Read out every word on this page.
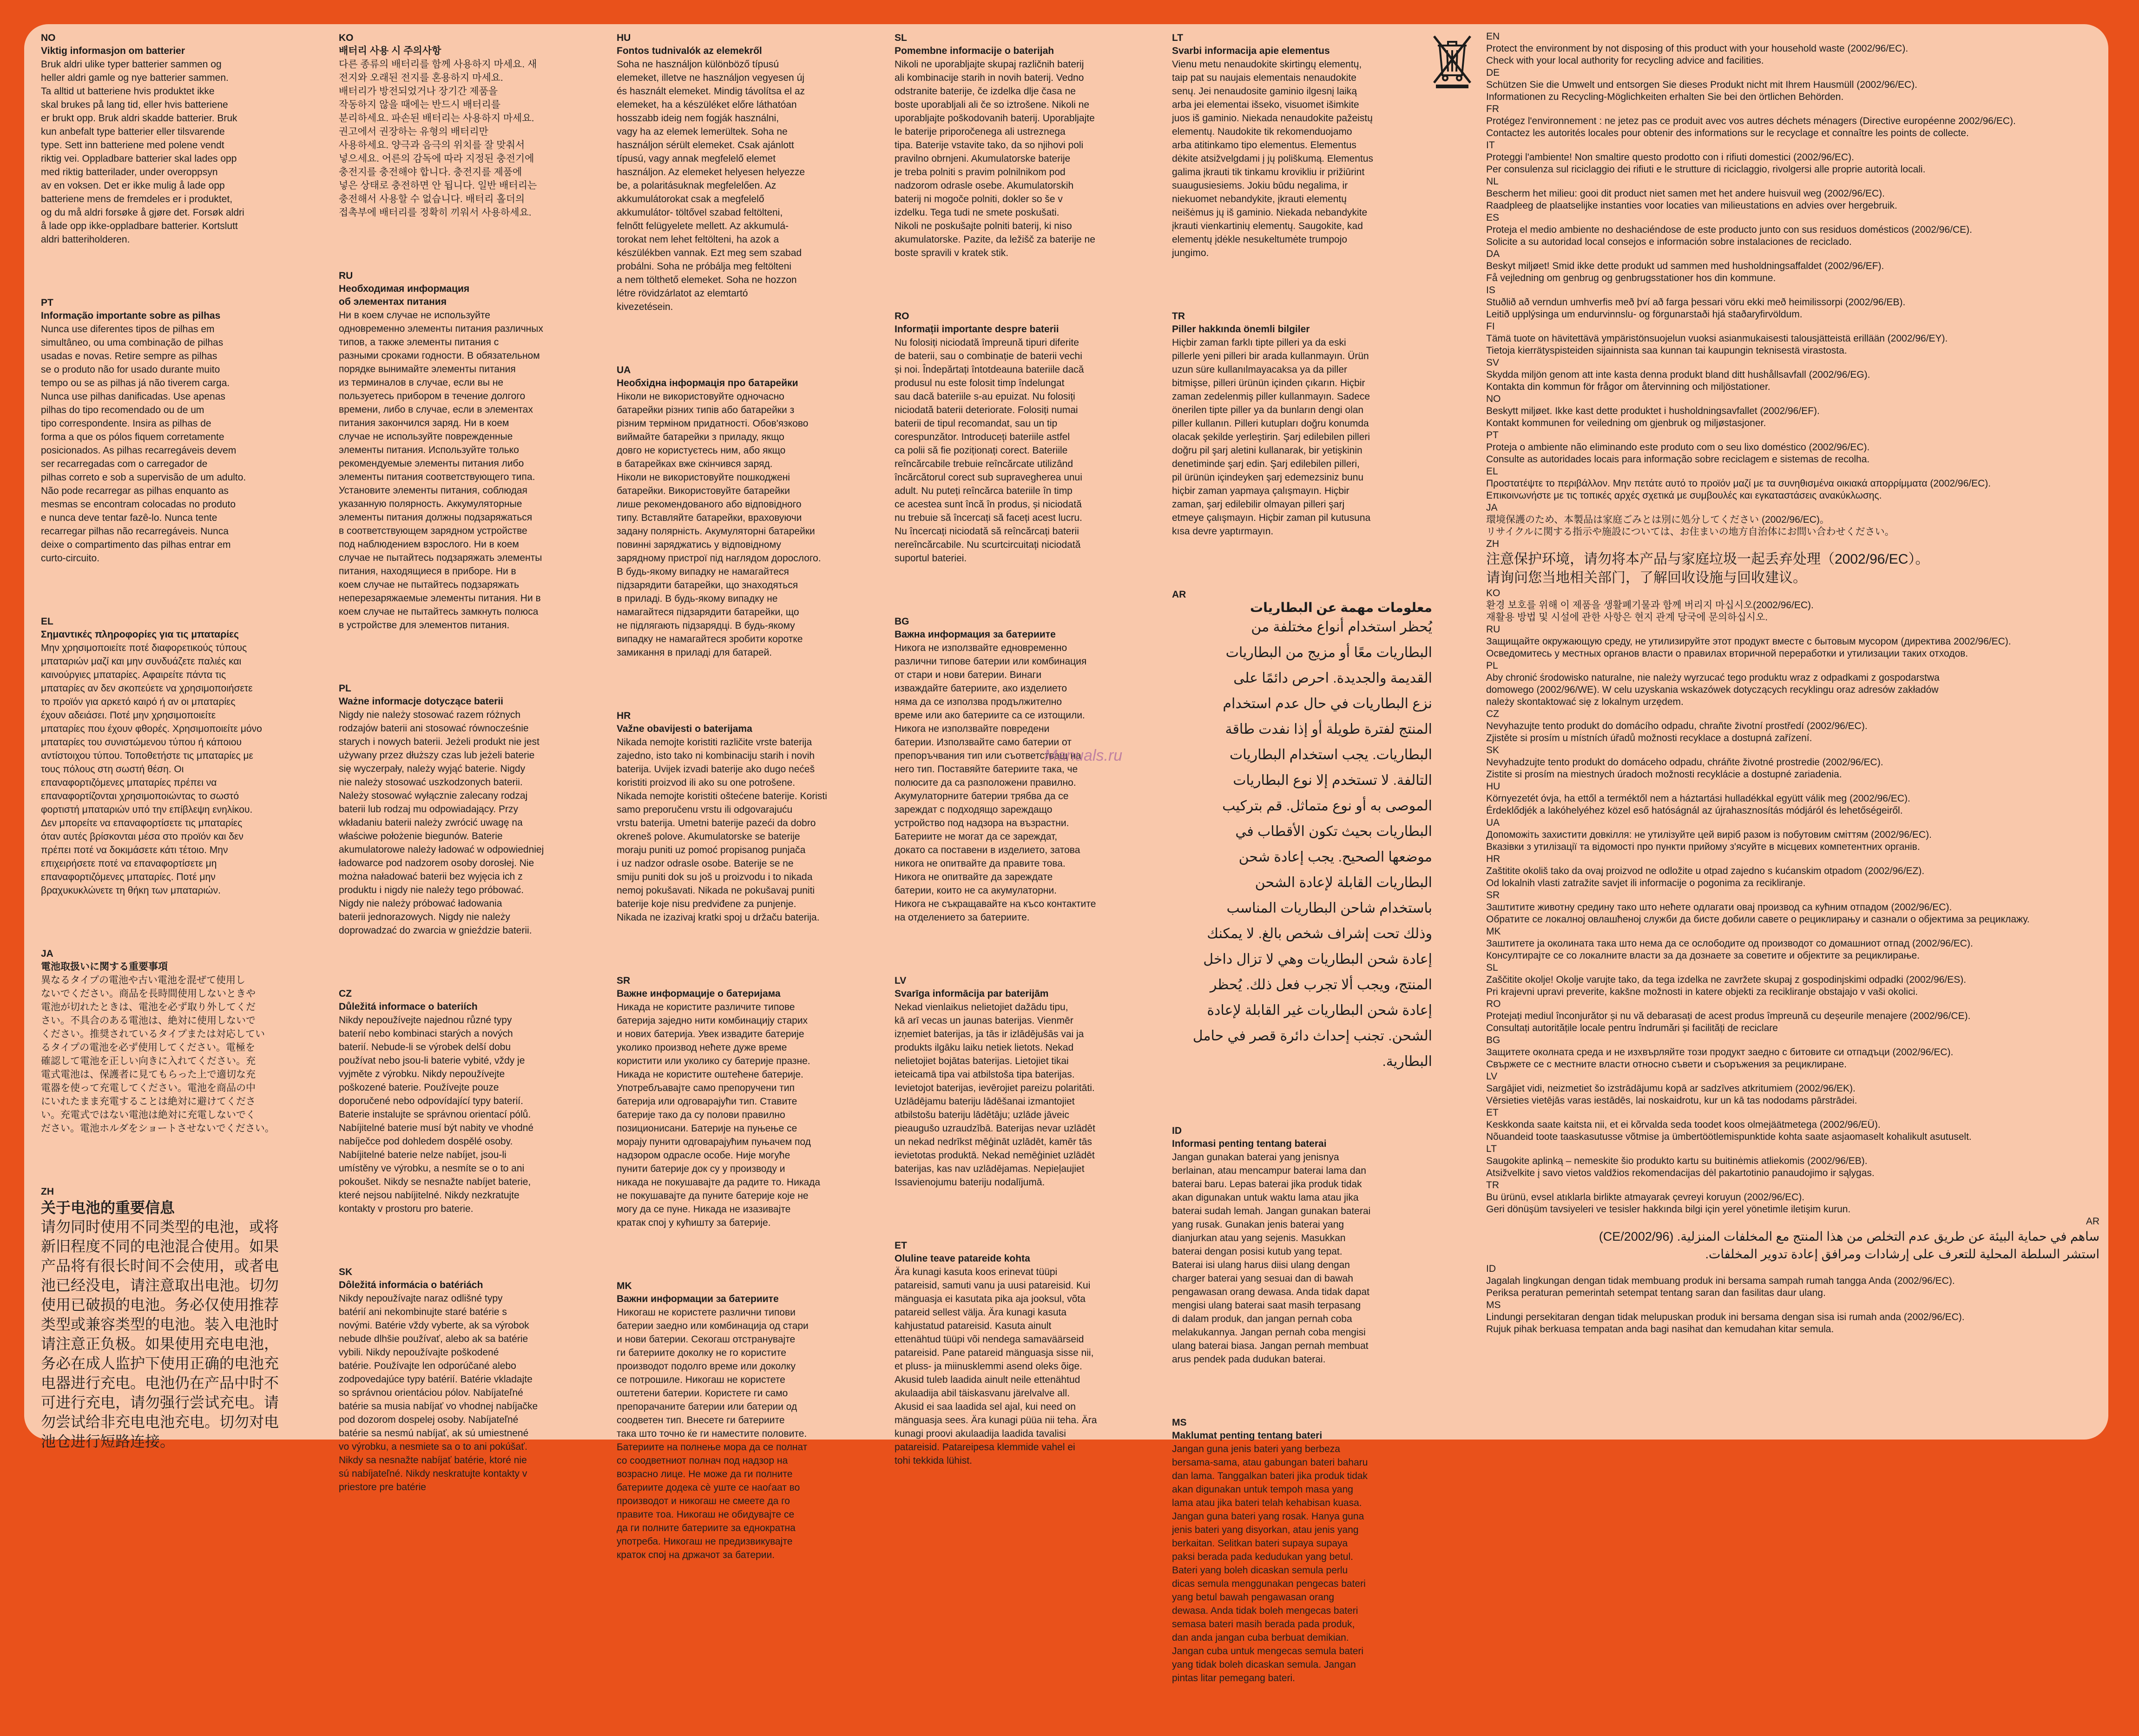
NO
Viktig informasjon om batterier
Bruk aldri ulike typer batterier sammen og
heller aldri gamle og nye batterier sammen.
Ta alltid ut batteriene hvis produktet ikke
skal brukes på lang tid, eller hvis batteriene
er brukt opp. Bruk aldri skadde batterier. Bruk
kun anbefalt type batterier eller tilsvarende
type. Sett inn batteriene med polene vendt
riktig vei. Oppladbare batterier skal lades opp
med riktig batterilader, under overoppsyn
av en voksen. Det er ikke mulig å lade opp
batteriene mens de fremdeles er i produktet,
og du må aldri forsøke å gjøre det. Forsøk aldri
å lade opp ikke-oppladbare batterier. Kortslutt
aldri batteriholderen.
PT
Informação importante sobre as pilhas
Nunca use diferentes tipos de pilhas em
simultâneo, ou uma combinação de pilhas
usadas e novas. Retire sempre as pilhas
se o produto não for usado durante muito
tempo ou se as pilhas já não tiverem carga.
Nunca use pilhas danificadas. Use apenas
pilhas do tipo recomendado ou de um
tipo correspondente. Insira as pilhas de
forma a que os pólos fiquem corretamente
posicionados. As pilhas recarregáveis devem
ser recarregadas com o carregador de
pilhas correto e sob a supervisão de um adulto.
Não pode recarregar as pilhas enquanto as
mesmas se encontram colocadas no produto
e nunca deve tentar fazê-lo. Nunca tente
recarregar pilhas não recarregáveis. Nunca
deixe o compartimento das pilhas entrar em
curto-circuito.
EL
Σημαντικές πληροφορίες για τις μπαταρίες
Μην χρησιμοποιείτε ποτέ διαφορετικούς τύπους
μπαταριών μαζί και μην συνδυάζετε παλιές και
καινούργιες μπαταρίες. Αφαιρείτε πάντα τις
μπαταρίες αν δεν σκοπεύετε να χρησιμοποιήσετε
το προϊόν για αρκετό καιρό ή αν οι μπαταρίες
έχουν αδειάσει. Ποτέ μην χρησιμοποιείτε
μπαταρίες που έχουν φθορές. Χρησιμοποιείτε μόνο
μπαταρίες του συνιστώμενου τύπου ή κάποιου
αντίστοιχου τύπου. Τοποθετήστε τις μπαταρίες με
τους πόλους στη σωστή θέση. Οι
επαναφορτιζόμενες μπαταρίες πρέπει να
επαναφορτίζονται χρησιμοποιώντας το σωστό
φορτιστή μπαταριών υπό την επίβλεψη ενηλίκου.
Δεν μπορείτε να επαναφορτίσετε τις μπαταρίες
όταν αυτές βρίσκονται μέσα στο προϊόν και δεν
πρέπει ποτέ να δοκιμάσετε κάτι τέτοιο. Μην
επιχειρήσετε ποτέ να επαναφορτίσετε μη
επαναφορτιζόμενες μπαταρίες. Ποτέ μην
βραχυκυκλώνετε τη θήκη των μπαταριών.
JA
電池取扱いに関する重要事項
異なるタイプの電池や古い電池を混ぜて使用し
ないでください。商品を長時間使用しないときや
電池が切れたときは、電池を必ず取り外してくだ
さい。不具合のある電池は、絶対に使用しないで
ください。推奨されているタイプまたは対応してい
るタイプの電池を必ず使用してください。電極を
確認して電池を正しい向きに入れてください。充
電式電池は、保護者に見てもらった上で適切な充
電器を使って充電してください。電池を商品の中
にいれたまま充電することは絶対に避けてくださ
い。充電式ではない電池は絶対に充電しないでく
ださい。電池ホルダをショートさせないでください。
ZH
关于电池的重要信息
请勿同时使用不同类型的电池，或将
新旧程度不同的电池混合使用。如果
产品将有很长时间不会使用，或者电
池已经没电，请注意取出电池。切勿
使用已破损的电池。务必仅使用推荐
类型或兼容类型的电池。装入电池时
请注意正负极。如果使用充电电池，
务必在成人监护下使用正确的电池充
电器进行充电。电池仍在产品中时不
可进行充电，请勿强行尝试充电。请
勿尝试给非充电电池充电。切勿对电
池仓进行短路连接。
KO
배터리 사용 시 주의사항
다른 종류의 배터리를 함께 사용하지 마세요. 새
전지와 오래된 전지를 혼용하지 마세요.
배터리가 방전되었거나 장기간 제품을
작동하지 않을 때에는 반드시 배터리를
분리하세요. 파손된 배터리는 사용하지 마세요.
권고에서 권장하는 유형의 배터리만
사용하세요. 양극과 음극의 위치를 잘 맞춰서
넣으세요. 어른의 감독에 따라 지정된 충전기에
충전지를 충전해야 합니다. 충전지를 제품에
넣은 상태로 충전하면 안 됩니다. 일반 배터리는
충전해서 사용할 수 없습니다. 배터리 홀더의
접촉부에 배터리를 정확히 끼워서 사용하세요.
RU
Необходимая информация
об элементах питания
Ни в коем случае не используйте
одновременно элементы питания различных
типов, а также элементы питания с
разными сроками годности. В обязательном
порядке вынимайте элементы питания
из терминалов в случае, если вы не
пользуетесь прибором в течение долгого
времени, либо в случае, если в элементах
питания закончился заряд. Ни в коем
случае не используйте поврежденные
элементы питания. Используйте только
рекомендуемые элементы питания либо
элементы питания соответствующего типа.
Установите элементы питания, соблюдая
указанную полярность. Аккумуляторные
элементы питания должны подзаряжаться
в соответствующем зарядном устройстве
под наблюдением взрослого. Ни в коем
случае не пытайтесь подзаряжать элементы
питания, находящиеся в приборе. Ни в
коем случае не пытайтесь подзаряжать
неперезаряжаемые элементы питания. Ни в
коем случае не пытайтесь замкнуть полюса
в устройстве для элементов питания.
PL
Ważne informacje dotyczące baterii
Nigdy nie należy stosować razem różnych
rodzajów baterii ani stosować równocześnie
starych i nowych baterii. Jeżeli produkt nie jest
używany przez dłuższy czas lub jeżeli baterie
się wyczerpały, należy wyjąć baterie. Nigdy
nie należy stosować uszkodzonych baterii.
Należy stosować wyłącznie zalecany rodzaj
baterii lub rodzaj mu odpowiadający. Przy
wkładaniu baterii należy zwrócić uwagę na
właściwe położenie biegunów. Baterie
akumulatorowe należy ładować w odpowiedniej
ładowarce pod nadzorem osoby dorosłej. Nie
można naładować baterii bez wyjęcia ich z
produktu i nigdy nie należy tego próbować.
Nigdy nie należy próbować ładowania
baterii jednorazowych. Nigdy nie należy
doprowadzać do zwarcia w gnieździe baterii.
CZ
Důležitá informace o bateriích
Nikdy nepoužívejte najednou různé typy
baterií nebo kombinaci starých a nových
baterií. Nebude-li se výrobek delší dobu
používat nebo jsou-li baterie vybité, vždy je
vyjměte z výrobku. Nikdy nepoužívejte
poškozené baterie. Používejte pouze
doporučené nebo odpovídající typy baterií.
Baterie instalujte se správnou orientací pólů.
Nabíjitelné baterie musí být nabity ve vhodné
nabíječce pod dohledem dospělé osoby.
Nabíjitelné baterie nelze nabíjet, jsou-li
umístěny ve výrobku, a nesmíte se o to ani
pokoušet. Nikdy se nesnažte nabíjet baterie,
které nejsou nabíjitelné. Nikdy nezkratujte
kontakty v prostoru pro baterie.
SK
Dôležitá informácia o batériách
Nikdy nepoužívajte naraz odlišné typy
batérií ani nekombinujte staré batérie s
novými. Batérie vždy vyberte, ak sa výrobok
nebude dlhšie používať, alebo ak sa batérie
vybili. Nikdy nepoužívajte poškodené
batérie. Používajte len odporúčané alebo
zodpovedajúce typy batérií. Batérie vkladajte
so správnou orientáciou pólov. Nabíjateľné
batérie sa musia nabíjať vo vhodnej nabíjačke
pod dozorom dospelej osoby. Nabíjateľné
batérie sa nesmú nabíjať, ak sú umiestnené
vo výrobku, a nesmiete sa o to ani pokúšať.
Nikdy sa nesnažte nabíjať batérie, ktoré nie
sú nabíjateľné. Nikdy neskratujte kontakty v
priestore pre batérie
HU
Fontos tudnivalók az elemekről
Soha ne használjon különböző típusú
elemeket, illetve ne használjon vegyesen új
és használt elemeket. Mindig távolítsa el az
elemeket, ha a készüléket előre láthatóan
hosszabb ideig nem fogják használni,
vagy ha az elemek lemerültek. Soha ne
használjon sérült elemeket. Csak ajánlott
típusú, vagy annak megfelelő elemet
használjon. Az elemeket helyesen helyezze
be, a polaritásuknak megfelelően. Az
akkumulátorokat csak a megfelelő
akkumulátor- töltővel szabad feltölteni,
felnőtt felügyelete mellett. Az akkumulá-
torokat nem lehet feltölteni, ha azok a
készülékben vannak. Ezt meg sem szabad
probálni. Soha ne próbálja meg feltölteni
a nem tölthető elemeket. Soha ne hozzon
létre rövidzárlatot az elemtartó
kivezetésein.
UA
Необхідна інформація про батарейки
Ніколи не використовуйте одночасно
батарейки різних типів або батарейки з
різним терміном придатності. Обов'язково
виймайте батарейки з приладу, якщо
довго не користуєтесь ним, або якщо
в батарейках вже скінчився заряд.
Ніколи не використовуйте пошкоджені
батарейки. Використовуйте батарейки
лише рекомендованого або відповідного
типу. Вставляйте батарейки, враховуючи
задану полярність. Акумуляторні батарейки
повинні заряджатись у відповідному
зарядному пристрої під наглядом дорослого.
В будь-якому випадку не намагайтеся
підзарядити батарейки, що знаходяться
в приладі. В будь-якому випадку не
намагайтеся підзарядити батарейки, що
не підлягають підзарядці. В будь-якому
випадку не намагайтеся зробити коротке
замикання в приладі для батарей.
HR
Važne obavijesti o baterijama
Nikada nemojte koristiti različite vrste baterija
zajedno, isto tako ni kombinaciju starih i novih
baterija. Uvijek izvadi baterije ako dugo nećeš
koristiti proizvod ili ako su one potrošene.
Nikada nemojte koristiti oštećene baterije. Koristi
samo preporučenu vrstu ili odgovarajuću
vrstu baterija. Umetni baterije pazeći da dobro
okreneš polove. Akumulatorske se baterije
moraju puniti uz pomoć propisanog punjača
i uz nadzor odrasle osobe. Baterije se ne
smiju puniti dok su još u proizvodu i to nikada
nemoj pokušavati. Nikada ne pokušavaj puniti
baterije koje nisu predviđene za punjenje.
Nikada ne izazivaj kratki spoj u držaču baterija.
SR
Важне информације о батеријама
Никада не користите различите типове
батерија заједно нити комбинацију старих
и нових батерија. Увек извадите батерије
уколико производ нећете дуже време
користити или уколико су батерије празне.
Никада не користите оштећене батерије.
Употребљавајте само препоручени тип
батерија или одговарајући тип. Ставите
батерије тако да су полови правилно
позиционисани. Батерије на пуњење се
морају пунити одговарајућим пуњачем под
надзором одрасле особе. Није могуће
пунити батерије док су у производу и
никада не покушавајте да радите то. Никада
не покушавајте да пуните батерије које не
могу да се пуне. Никада не изазивајте
кратак спој у кућишту за батерије.
MK
Важни информации за батериите
Никогаш не користете различни типови
батерии заедно или комбинација од стари
и нови батерии. Секогаш отстранувајте
ги батериите доколку не го користите
производот подолго време или доколку
се потрошиле. Никогаш не користете
оштетени батерии. Користете ги само
препорачаните батерии или батерии од
соодветен тип. Внесете ги батериите
така што точно ќе ги наместите половите.
Батериите на полнење мора да се полнат
со соодветниот полнач под надзор на
возрасно лице. Не може да ги полните
батериите додека сè уште се наоѓаат во
производот и никогаш не смеете да го
правите тоа. Никогаш не обидувајте се
да ги полните батериите за еднократна
употреба. Никогаш не предизвикувајте
краток спој на држачот за батерии.
SL
Pomembne informacije o baterijah
Nikoli ne uporabljajte skupaj različnih baterij
ali kombinacije starih in novih baterij. Vedno
odstranite baterije, če izdelka dlje časa ne
boste uporabljali ali če so iztrošene. Nikoli ne
uporabljajte poškodovanih baterij. Uporabljajte
le baterije priporočenega ali ustreznega
tipa. Baterije vstavite tako, da so njihovi poli
pravilno obrnjeni. Akumulatorske baterije
je treba polniti s pravim polnilnikom pod
nadzorom odrasle osebe. Akumulatorskih
baterij ni mogoče polniti, dokler so še v
izdelku. Tega tudi ne smete poskušati.
Nikoli ne poskušajte polniti baterij, ki niso
akumulatorske. Pazite, da ležišč za baterije ne
boste spravili v kratek stik.
RO
Informații importante despre baterii
Nu folosiți niciodată împreună tipuri diferite
de baterii, sau o combinație de baterii vechi
și noi. Îndepărtați întotdeauna bateriile dacă
produsul nu este folosit timp îndelungat
sau dacă bateriile s-au epuizat. Nu folosiți
niciodată baterii deteriorate. Folosiți numai
baterii de tipul recomandat, sau un tip
corespunzător. Introduceți bateriile astfel
ca polii să fie poziționați corect. Bateriile
reîncărcabile trebuie reîncărcate utilizând
încărcătorul corect sub supravegherea unui
adult. Nu puteți reîncărca bateriile în timp
ce acestea sunt încă în produs, și niciodată
nu trebuie să încercați să faceți acest lucru.
Nu încercați niciodată să reîncărcați baterii
nereîncărcabile. Nu scurtcircuitați niciodată
suportul bateriei.
BG
Важна информация за батериите
Никога не използвайте едновременно
различни типове батерии или комбинация
от стари и нови батерии. Винаги
изваждайте батериите, ако изделието
няма да се използва продължително
време или ако батериите са се изтощили.
Никога не използвайте повредени
батерии. Използвайте само батерии от
препоръчвания тип или съответстващ на
него тип. Поставяйте батериите така, че
полюсите да са разположени правилно.
Акумулаторните батерии трябва да се
зареждат с подходящо зареждащо
устройство под надзора на възрастни.
Батериите не могат да се зареждат,
докато са поставени в изделието, затова
никога не опитвайте да правите това.
Никога не опитвайте да зареждате
батерии, които не са акумулаторни.
Никога не съкращавайте на късо контактите
на отделението за батериите.
LV
Svarīga informācija par baterijām
Nekad vienlaikus nelietojiet dažādu tipu,
kā arī vecas un jaunas baterijas. Vienmēr
izņemiet baterijas, ja tās ir izlādējušās vai ja
produkts ilgāku laiku netiek lietots. Nekad
nelietojiet bojātas baterijas. Lietojiet tikai
ieteicamā tipa vai atbilstoša tipa baterijas.
Ievietojot baterijas, ievērojiet pareizu polaritāti.
Uzlādējamu bateriju lādēšanai izmantojiet
atbilstošu bateriju lādētāju; uzlāde jāveic
pieaugušo uzraudzībā. Baterijas nevar uzlādēt
un nekad nedrīkst mēģināt uzlādēt, kamēr tās
ievietotas produktā. Nekad nemēģiniet uzlādēt
baterijas, kas nav uzlādējamas. Nepieļaujiet
Issavienojumu bateriju nodalījumā.
ET
Oluline teave patareide kohta
Ära kunagi kasuta koos erinevat tüüpi
patareisid, samuti vanu ja uusi patareisid. Kui
mänguasja ei kasutata pika aja jooksul, võta
patareid sellest välja. Ära kunagi kasuta
kahjustatud patareisid. Kasuta ainult
ettenähtud tüüpi või nendega samaväärseid
patareisid. Pane patareid mänguasja sisse nii,
et pluss- ja miinusklemmi asend oleks õige.
Akusid tuleb laadida ainult neile ettenähtud
akulaadija abil täiskasvanu järelvalve all.
Akusid ei saa laadida sel ajal, kui need on
mänguasja sees. Ära kunagi püüa nii teha. Ära
kunagi proovi akulaadija laadida tavalisi
patareisid. Patareipesa klemmide vahel ei
tohi tekkida lühist.
LT
Svarbi informacija apie elementus
Vienu metu nenaudokite skirtingų elementų,
taip pat su naujais elementais nenaudokite
senų. Jei nenaudosite gaminio ilgesnį laiką
arba jei elementai išseko, visuomet išimkite
juos iš gaminio. Niekada nenaudokite pažeistų
elementų. Naudokite tik rekomenduojamo
arba atitinkamo tipo elementus. Elementus
dėkite atsižvelgdami į jų poliškumą. Elementus
galima įkrauti tik tinkamu krovikliu ir prižiūrint
suaugusiesiems. Jokiu būdu negalima, ir
niekuomet nebandykite, įkrauti elementų
neišėmus jų iš gaminio. Niekada nebandykite
įkrauti vienkartinių elementų. Saugokite, kad
elementų įdėkle nesukeltumėte trumpojo
jungimo.
TR
Piller hakkında önemli bilgiler
Hiçbir zaman farklı tipte pilleri ya da eski
pillerle yeni pilleri bir arada kullanmayın. Ürün
uzun süre kullanılmayacaksa ya da piller
bitmişse, pilleri ürünün içinden çıkarın. Hiçbir
zaman zedelenmiş piller kullanmayın. Sadece
önerilen tipte piller ya da bunların dengi olan
piller kullanın. Pilleri kutupları doğru konumda
olacak şekilde yerleştirin. Şarj edilebilen pilleri
doğru pil şarj aletini kullanarak, bir yetişkinin
denetiminde şarj edin. Şarj edilebilen pilleri,
pil ürünün içindeyken şarj edemezsiniz bunu
hiçbir zaman yapmaya çalışmayın. Hiçbir
zaman, şarj edilebilir olmayan pilleri şarj
etmeye çalışmayın. Hiçbir zaman pil kutusuna
kısa devre yaptırmayın.
AR
معلومات مهمة عن البطاريات
يُحظر استخدام أنواع مختلفة من
البطاريات معًا أو مزيج من البطاريات
القديمة والجديدة. احرص دائمًا على
نزع البطاريات في حال عدم استخدام
المنتج لفترة طويلة أو إذا نفدت طاقة
البطاريات. يجب استخدام البطاريات
التالفة. لا تستخدم إلا نوع البطاريات
الموصى به أو نوع متماثل. قم بتركيب
البطاريات بحيث تكون الأقطاب في
موضعها الصحيح. يجب إعادة شحن
البطاريات القابلة لإعادة الشحن
باستخدام شاحن البطاريات المناسب
وذلك تحت إشراف شخص بالغ. لا يمكنك
إعادة شحن البطاريات وهي لا تزال داخل
المنتج، ويجب ألا تجرب فعل ذلك. يُحظر
إعادة شحن البطاريات غير القابلة لإعادة
الشحن. تجنب إحداث دائرة قصر في حامل
البطارية.
ID
Informasi penting tentang baterai
Jangan gunakan baterai yang jenisnya
berlainan, atau mencampur baterai lama dan
baterai baru. Lepas baterai jika produk tidak
akan digunakan untuk waktu lama atau jika
baterai sudah lemah. Jangan gunakan baterai
yang rusak. Gunakan jenis baterai yang
dianjurkan atau yang sejenis. Masukkan
baterai dengan posisi kutub yang tepat.
Baterai isi ulang harus diisi ulang dengan
charger baterai yang sesuai dan di bawah
pengawasan orang dewasa. Anda tidak dapat
mengisi ulang baterai saat masih terpasang
di dalam produk, dan jangan pernah coba
melakukannya. Jangan pernah coba mengisi
ulang baterai biasa. Jangan pernah membuat
arus pendek pada dudukan baterai.
MS
Maklumat penting tentang bateri
Jangan guna jenis bateri yang berbeza
bersama-sama, atau gabungan bateri baharu
dan lama. Tanggalkan bateri jika produk tidak
akan digunakan untuk tempoh masa yang
lama atau jika bateri telah kehabisan kuasa.
Jangan guna bateri yang rosak. Hanya guna
jenis bateri yang disyorkan, atau jenis yang
berkaitan. Selitkan bateri supaya supaya
paksi berada pada kedudukan yang betul.
Bateri yang boleh dicaskan semula perlu
dicas semula menggunakan pengecas bateri
yang betul bawah pengawasan orang
dewasa. Anda tidak boleh mengecas bateri
semasa bateri masih berada pada produk,
dan anda jangan cuba berbuat demikian.
Jangan cuba untuk mengecas semula bateri
yang tidak boleh dicaskan semula. Jangan
pintas litar pemegang bateri.
EN
Protect the environment by not disposing of this product with your household waste (2002/96/EC).
Check with your local authority for recycling advice and facilities.
DE
Schützen Sie die Umwelt und entsorgen Sie dieses Produkt nicht mit Ihrem Hausmüll (2002/96/EC).
Informationen zu Recycling-Möglichkeiten erhalten Sie bei den örtlichen Behörden.
FR
Protégez l'environnement : ne jetez pas ce produit avec vos autres déchets ménagers (Directive européenne 2002/96/EC).
Contactez les autorités locales pour obtenir des informations sur le recyclage et connaître les points de collecte.
IT
Proteggi l'ambiente! Non smaltire questo prodotto con i rifiuti domestici (2002/96/EC).
Per consulenza sul riciclaggio dei rifiuti e le strutture di riciclaggio, rivolgersi alle proprie autorità locali.
NL
Bescherm het milieu: gooi dit product niet samen met het andere huisvuil weg (2002/96/EC).
Raadpleeg de plaatselijke instanties voor locaties van milieustations en advies over hergebruik.
ES
Proteja el medio ambiente no deshaciéndose de este producto junto con sus residuos domésticos (2002/96/CE).
Solicite a su autoridad local consejos e información sobre instalaciones de reciclado.
DA
Beskyt miljøet! Smid ikke dette produkt ud sammen med husholdningsaffaldet (2002/96/EF).
Få vejledning om genbrug og genbrugsstationer hos din kommune.
IS
Stuðlið að verndun umhverfis með því að farga þessari vöru ekki með heimilissorpi (2002/96/EB).
Leitið upplýsinga um endurvinnslu- og förgunarstaði hjá staðaryfirvöldum.
FI
Tämä tuote on hävitettävä ympäristönsuojelun vuoksi asianmukaisesti talousjätteistä erillään (2002/96/EY).
Tietoja kierrätyspisteiden sijainnista saa kunnan tai kaupungin teknisestä virastosta.
SV
Skydda miljön genom att inte kasta denna produkt bland ditt hushållsavfall (2002/96/EG).
Kontakta din kommun för frågor om återvinning och miljöstationer.
NO
Beskytt miljøet. Ikke kast dette produktet i husholdningsavfallet (2002/96/EF).
Kontakt kommunen for veiledning om gjenbruk og miljøstasjoner.
PT
Proteja o ambiente não eliminando este produto com o seu lixo doméstico (2002/96/EC).
Consulte as autoridades locais para informação sobre reciclagem e sistemas de recolha.
EL
Προστατέψτε το περιβάλλον. Μην πετάτε αυτό το προϊόν μαζί με τα συνηθισμένα οικιακά απορρίμματα (2002/96/EC).
Επικοινωνήστε με τις τοπικές αρχές σχετικά με συμβουλές και εγκαταστάσεις ανακύκλωσης.
JA
環境保護のため、本製品は家庭ごみとは別に処分してください (2002/96/EC)。
リサイクルに関する指示や施設については、お住まいの地方自治体にお問い合わせください。
ZH
注意保护环境，请勿将本产品与家庭垃圾一起丢弃处理（2002/96/EC）。
请询问您当地相关部门，了解回收设施与回收建议。
KO
환경 보호를 위해 이 제품을 생활폐기물과 함께 버리지 마십시오(2002/96/EC).
재활용 방법 및 시설에 관한 사항은 현지 관계 당국에 문의하십시오.
RU
Защищайте окружающую среду, не утилизируйте этот продукт вместе с бытовым мусором (директива 2002/96/EC).
Осведомитесь у местных органов власти о правилах вторичной переработки и утилизации таких отходов.
PL
Aby chronić środowisko naturalne, nie należy wyrzucać tego produktu wraz z odpadkami z gospodarstwa
domowego (2002/96/WE). W celu uzyskania wskazówek dotyczących recyklingu oraz adresów zakładów
należy skontaktować się z lokalnym urzędem.
CZ
Nevyhazujte tento produkt do domácího odpadu, chraňte životní prostředí (2002/96/EC).
Zjistěte si prosím u místních úřadů možnosti recyklace a dostupná zařízení.
SK
Nevyhadzujte tento produkt do domáceho odpadu, chráňte životné prostredie (2002/96/EC).
Zistite si prosím na miestnych úradoch možnosti recyklácie a dostupné zariadenia.
HU
Környezetét óvja, ha ettől a terméktől nem a háztartási hulladékkal együtt válik meg (2002/96/EC).
Érdeklődjék a lakóhelyéhez közel eső hatóságnál az újrahasznosítás módjáról és lehetőségeiről.
UA
Допоможіть захистити довкілля: не утилізуйте цей виріб разом із побутовим сміттям (2002/96/EC).
Вказівки з утилізації та відомості про пункти прийому з'ясуйте в місцевих компетентних органів.
HR
Zaštitite okoliš tako da ovaj proizvod ne odložite u otpad zajedno s kućanskim otpadom (2002/96/EZ).
Od lokalnih vlasti zatražite savjet ili informacije o pogonima za recikliranje.
SR
Заштитите животну средину тако што нећете одлагати овај производ са кућним отпадом (2002/96/EC).
Обратите се локалној овлашћеној служби да бисте добили савете о рециклирању и сазнали о објектима за рециклажу.
MK
Заштитете ја околината така што нема да се ослободите од производот со домашниот отпад (2002/96/EC).
Консултирајте се со локалните власти за да дознаете за советите и објектите за рециклирање.
SL
Zaščitite okolje! Okolje varujte tako, da tega izdelka ne zavržete skupaj z gospodinjskimi odpadki (2002/96/ES).
Pri krajevni upravi preverite, kakšne možnosti in katere objekti za recikliranje obstajajo v vaši okolici.
RO
Protejați mediul înconjurător și nu vă debarasați de acest produs împreună cu deșeurile menajere (2002/96/CE).
Consultați autoritățile locale pentru îndrumări și facilități de reciclare
BG
Защитете околната среда и не изхвърляйте този продукт заедно с битовите си отпадъци (2002/96/EC).
Свържете се с местните власти относно съвети и съоръжения за рециклиране.
LV
Sargājiet vidi, neizmetiet šo izstrādājumu kopā ar sadzīves atkritumiem (2002/96/EK).
Vērsieties vietējās varas iestādēs, lai noskaidrotu, kur un kā tas nododams pārstrādei.
ET
Keskkonda saate kaitsta nii, et ei kõrvalda seda toodet koos olmejäätmetega (2002/96/EÜ).
Nõuandeid toote taaskasutusse võtmise ja ümbertöötlemispunktide kohta saate asjaomaselt kohalikult asutuselt.
LT
Saugokite aplinką – nemeskite šio produkto kartu su buitinėmis atliekomis (2002/96/EB).
Atsižvelkite į savo vietos valdžios rekomendacijas dėl pakartotinio panaudojimo ir sąlygas.
TR
Bu ürünü, evsel atıklarla birlikte atmayarak çevreyi koruyun (2002/96/EC).
Geri dönüşüm tavsiyeleri ve tesisler hakkında bilgi için yerel yönetimle iletişim kurun.
AR
ساهم في حماية البيئة عن طريق عدم التخلص من هذا المنتج مع المخلفات المنزلية. (CE/2002/96)
استشر السلطة المحلية للتعرف على إرشادات ومرافق إعادة تدوير المخلفات.
ID
Jagalah lingkungan dengan tidak membuang produk ini bersama sampah rumah tangga Anda (2002/96/EC).
Periksa peraturan pemerintah setempat tentang saran dan fasilitas daur ulang.
MS
Lindungi persekitaran dengan tidak melupuskan produk ini bersama dengan sisa isi rumah anda (2002/96/EC).
Rujuk pihak berkuasa tempatan anda bagi nasihat dan kemudahan kitar semula.
Manuals.ru
